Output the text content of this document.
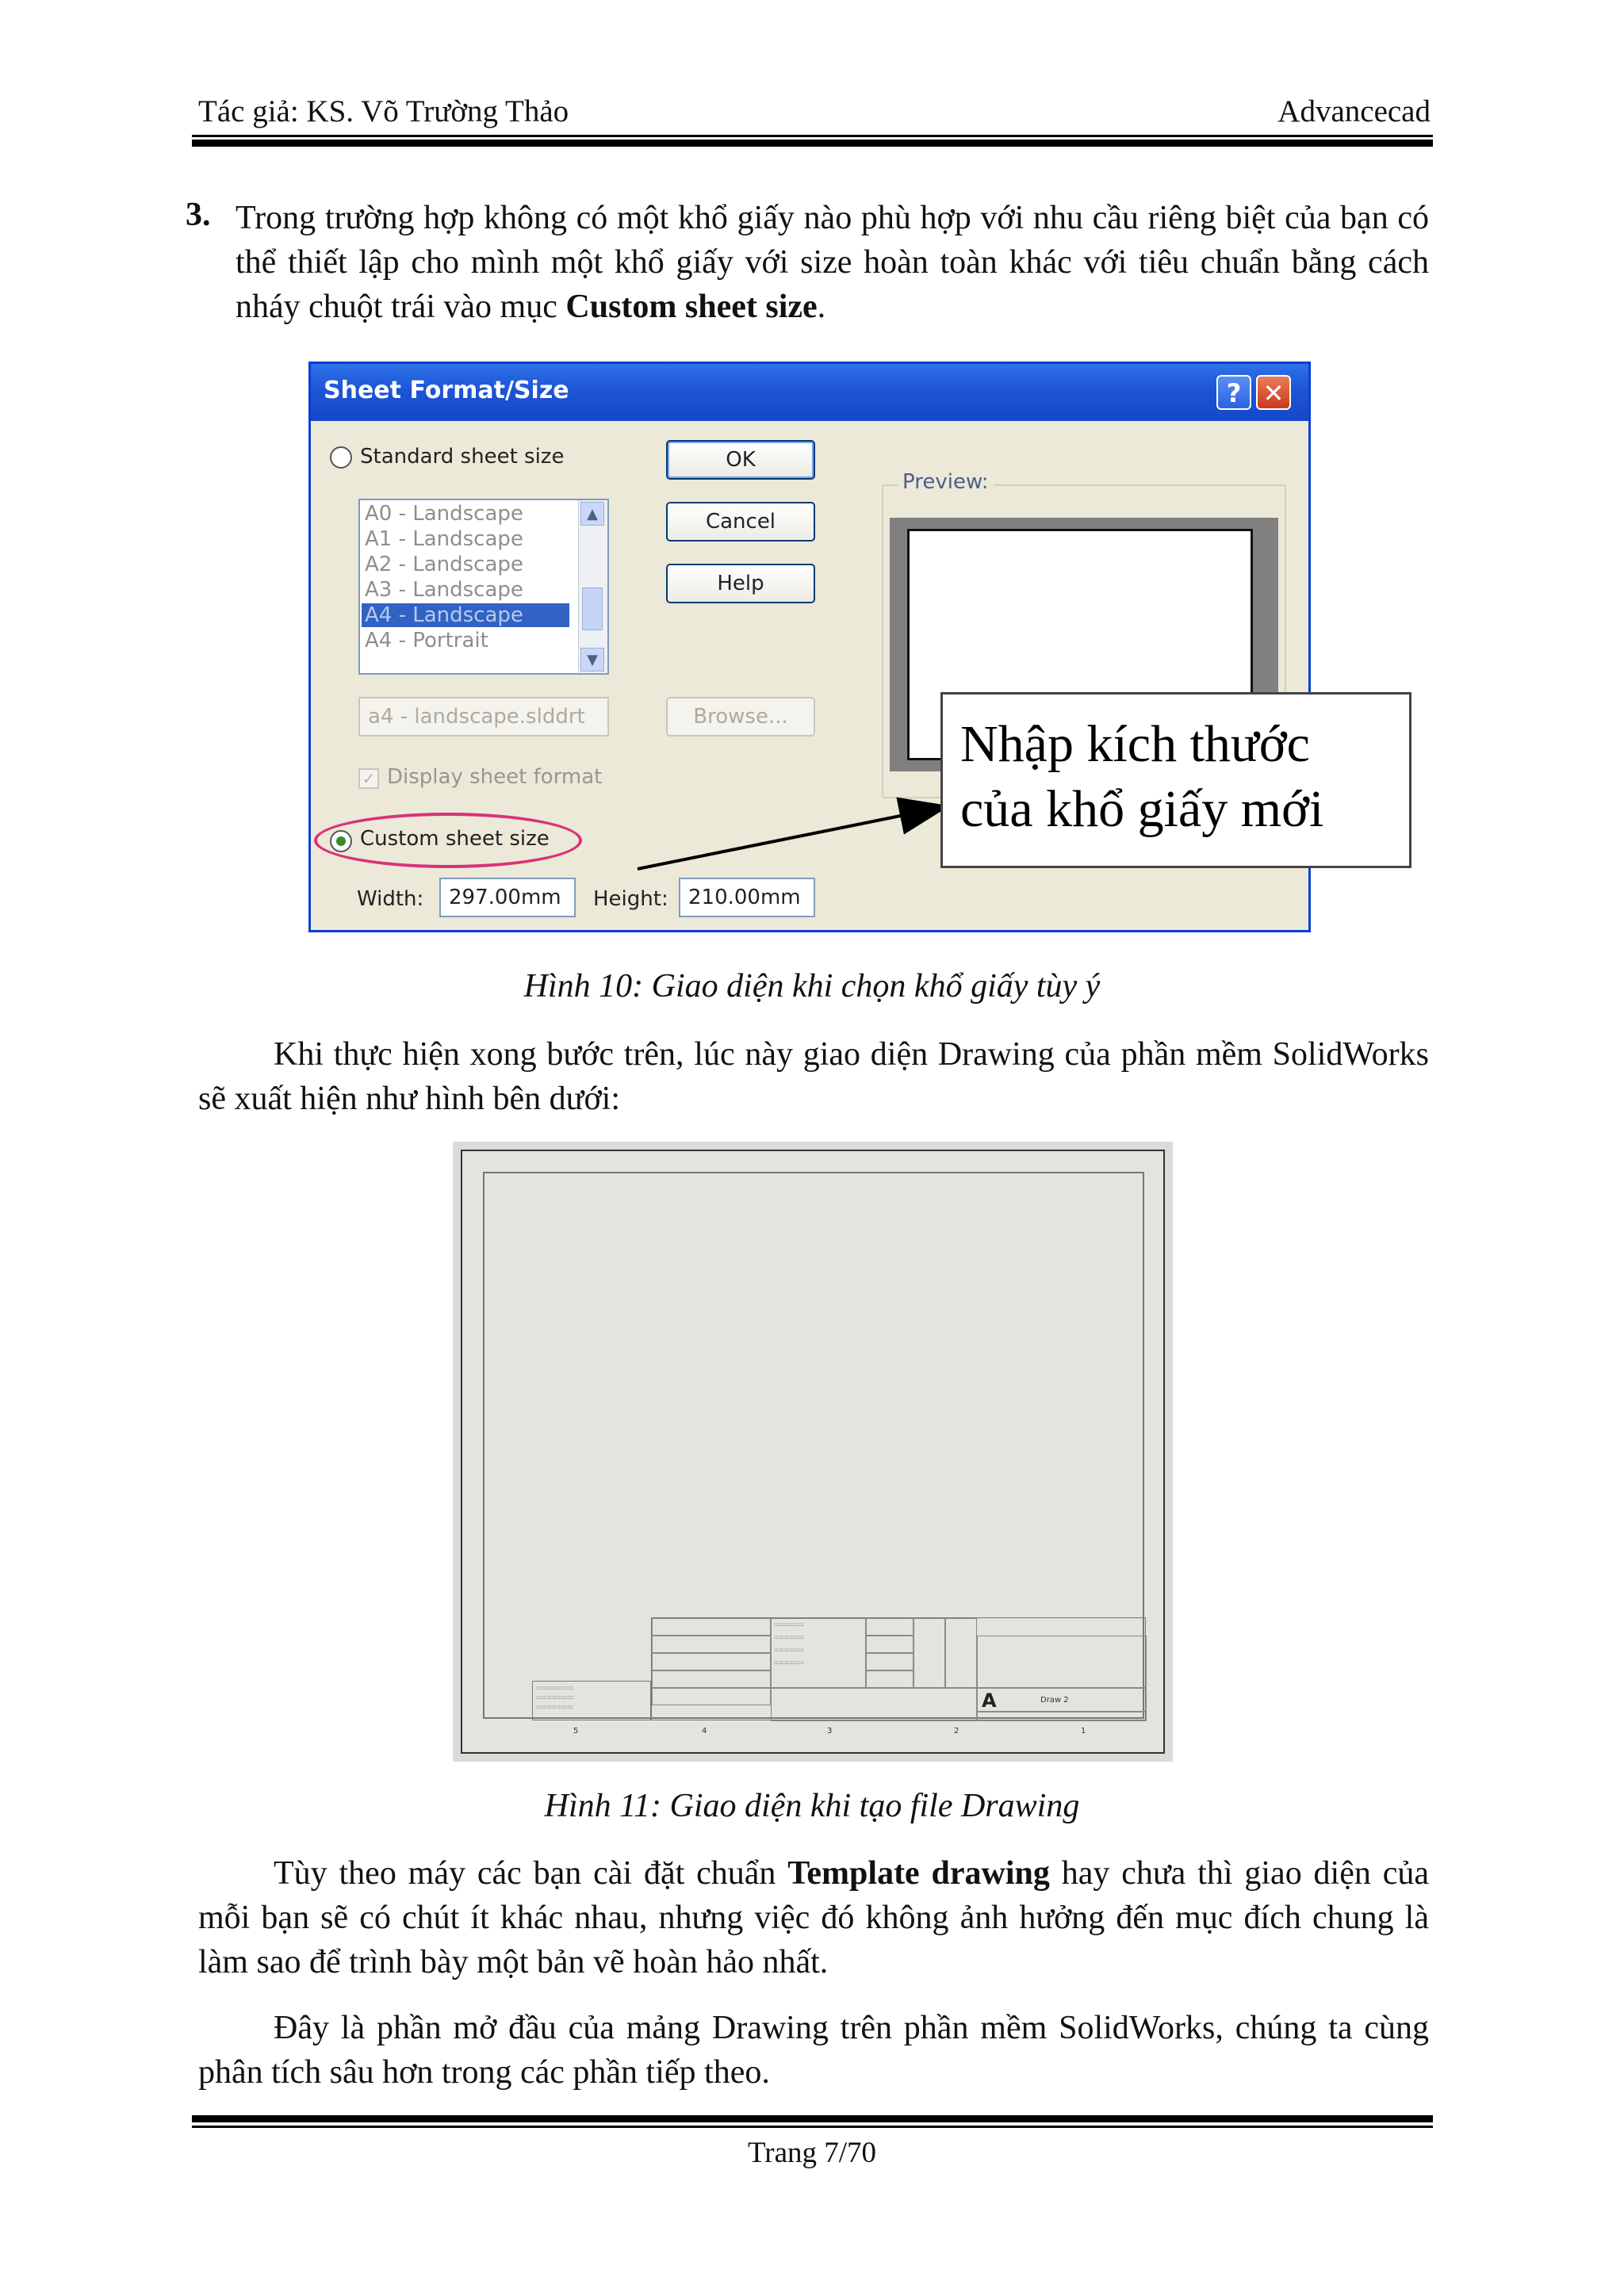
Tác giả: KS. Võ Trường Thảo	Advancecad
3. Trong trường hợp không có một khổ giấy nào phù hợp với nhu cầu riêng biệt của bạn có thể thiết lập cho mình một khổ giấy với size hoàn toàn khác với tiêu chuẩn bằng cách nháy chuột trái vào mục Custom sheet size.
Sheet Format/Size	? ✕
Standard sheet size
A0 - Landscape
A1 - Landscape
A2 - Landscape
A3 - Landscape
A4 - Landscape
A4 - Portrait
▲
▼
a4 - landscape.slddrt
✓ Display sheet format
Custom sheet size
Width:	297.00mm	Height: 210.00mm
OK
Cancel
Help
Browse...
Preview:
Nhập kích thước
của khổ giấy mới
Hình 10: Giao diện khi chọn khổ giấy tùy ý
Khi thực hiện xong bước trên, lúc này giao diện Drawing của phần mềm SolidWorks sẽ xuất hiện như hình bên dưới:
A	Draw 2
::::::::::::::::
::::::::::::::::
::::::::::::::::
::::::::::::::::
::::::::::::::::::::
::::::::::::::::::::
::::::::::::::::::::
5	4	3	2	1
Hình 11: Giao diện khi tạo file Drawing
Tùy theo máy các bạn cài đặt chuẩn Template drawing hay chưa thì giao diện của mỗi bạn sẽ có chút ít khác nhau, nhưng việc đó không ảnh hưởng đến mục đích chung là làm sao để trình bày một bản vẽ hoàn hảo nhất.
Đây là phần mở đầu của mảng Drawing trên phần mềm SolidWorks, chúng ta cùng phân tích sâu hơn trong các phần tiếp theo.
Trang 7/70
